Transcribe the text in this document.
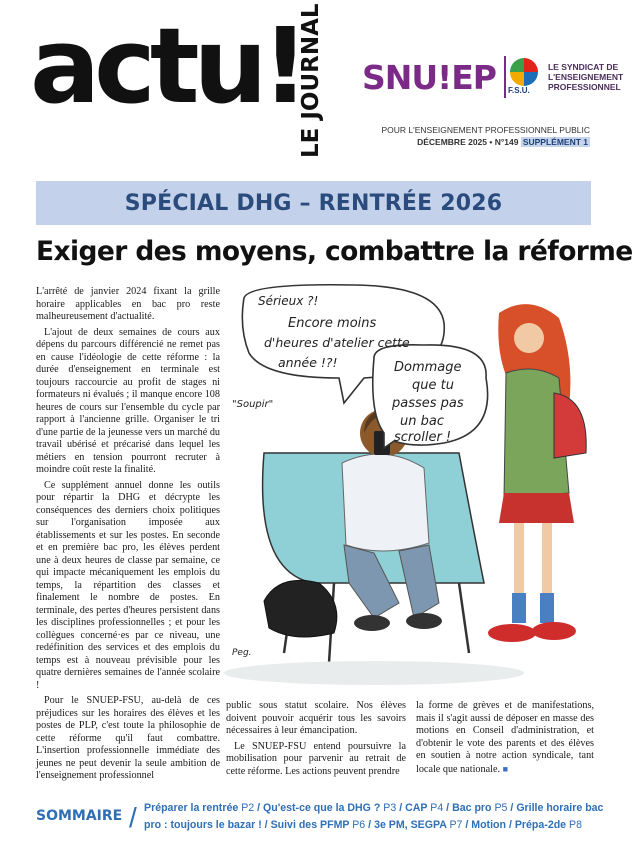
actu!
LE JOURNAL SNU!EP F.S.U.
LE SYNDICAT DE L'ENSEIGNEMENT PROFESSIONNEL
POUR L'ENSEIGNEMENT PROFESSIONNEL PUBLIC
DÉCEMBRE 2025 • N°149 SUPPLÉMENT 1
SPÉCIAL DHG – RENTRÉE 2026
Exiger des moyens, combattre la réforme

L'arrêté de janvier 2024 fixant la grille horaire applicables en bac pro reste malheureusement d'actualité.

L'ajout de deux semaines de cours aux dépens du parcours différencié ne remet pas en cause l'idéologie de cette réforme : la durée d'enseignement en terminale est toujours raccourcie au profit de stages ni formateurs ni évalués ; il manque encore 108 heures de cours sur l'ensemble du cycle par rapport à l'ancienne grille. Organiser le tri d'une partie de la jeunesse vers un marché du travail ubérisé et précarisé dans lequel les métiers en tension pourront recruter à moindre coût reste la finalité.

Ce supplément annuel donne les outils pour répartir la DHG et décrypte les conséquences des derniers choix politiques sur l'organisation imposée aux établissements et sur les postes. En seconde et en première bac pro, les élèves perdent une à deux heures de classe par semaine, ce qui impacte mécaniquement les emplois du temps, la répartition des classes et finalement le nombre de postes. En terminale, des pertes d'heures persistent dans les disciplines professionnelles ; et pour les collègues concerné·es par ce niveau, une redéfinition des services et des emplois du temps est à nouveau prévisible pour les quatre dernières semaines de l'année scolaire !

Pour le SNUEP-FSU, au-delà de ces préjudices sur les horaires des élèves et les postes de PLP, c'est toute la philosophie de cette réforme qu'il faut combattre. L'insertion professionnelle immédiate des jeunes ne peut devenir la seule ambition de l'enseignement professionnel

Sérieux ?!
Encore moins
d'heures d'atelier cette
année !?!	Dommage
que tu
passes pas
un bac
scroller !
"Soupir"
Peg.

public sous statut scolaire. Nos élèves doivent pouvoir acquérir tous les savoirs nécessaires à leur émancipation.

Le SNUEP-FSU entend poursuivre la mobilisation pour parvenir au retrait de cette réforme. Les actions peuvent prendre

la forme de grèves et de manifestations, mais il s'agit aussi de déposer en masse des motions en Conseil d'administration, et d'obtenir le vote des parents et des élèves en soutien à notre action syndicale, tant locale que nationale. ■

SOMMAIRE / Préparer la rentrée P2 / Qu'est-ce que la DHG ? P3 / CAP P4 / Bac pro P5 / Grille horaire bac pro : toujours le bazar ! / Suivi des PFMP P6 / 3e PM, SEGPA P7 / Motion / Prépa-2de P8
